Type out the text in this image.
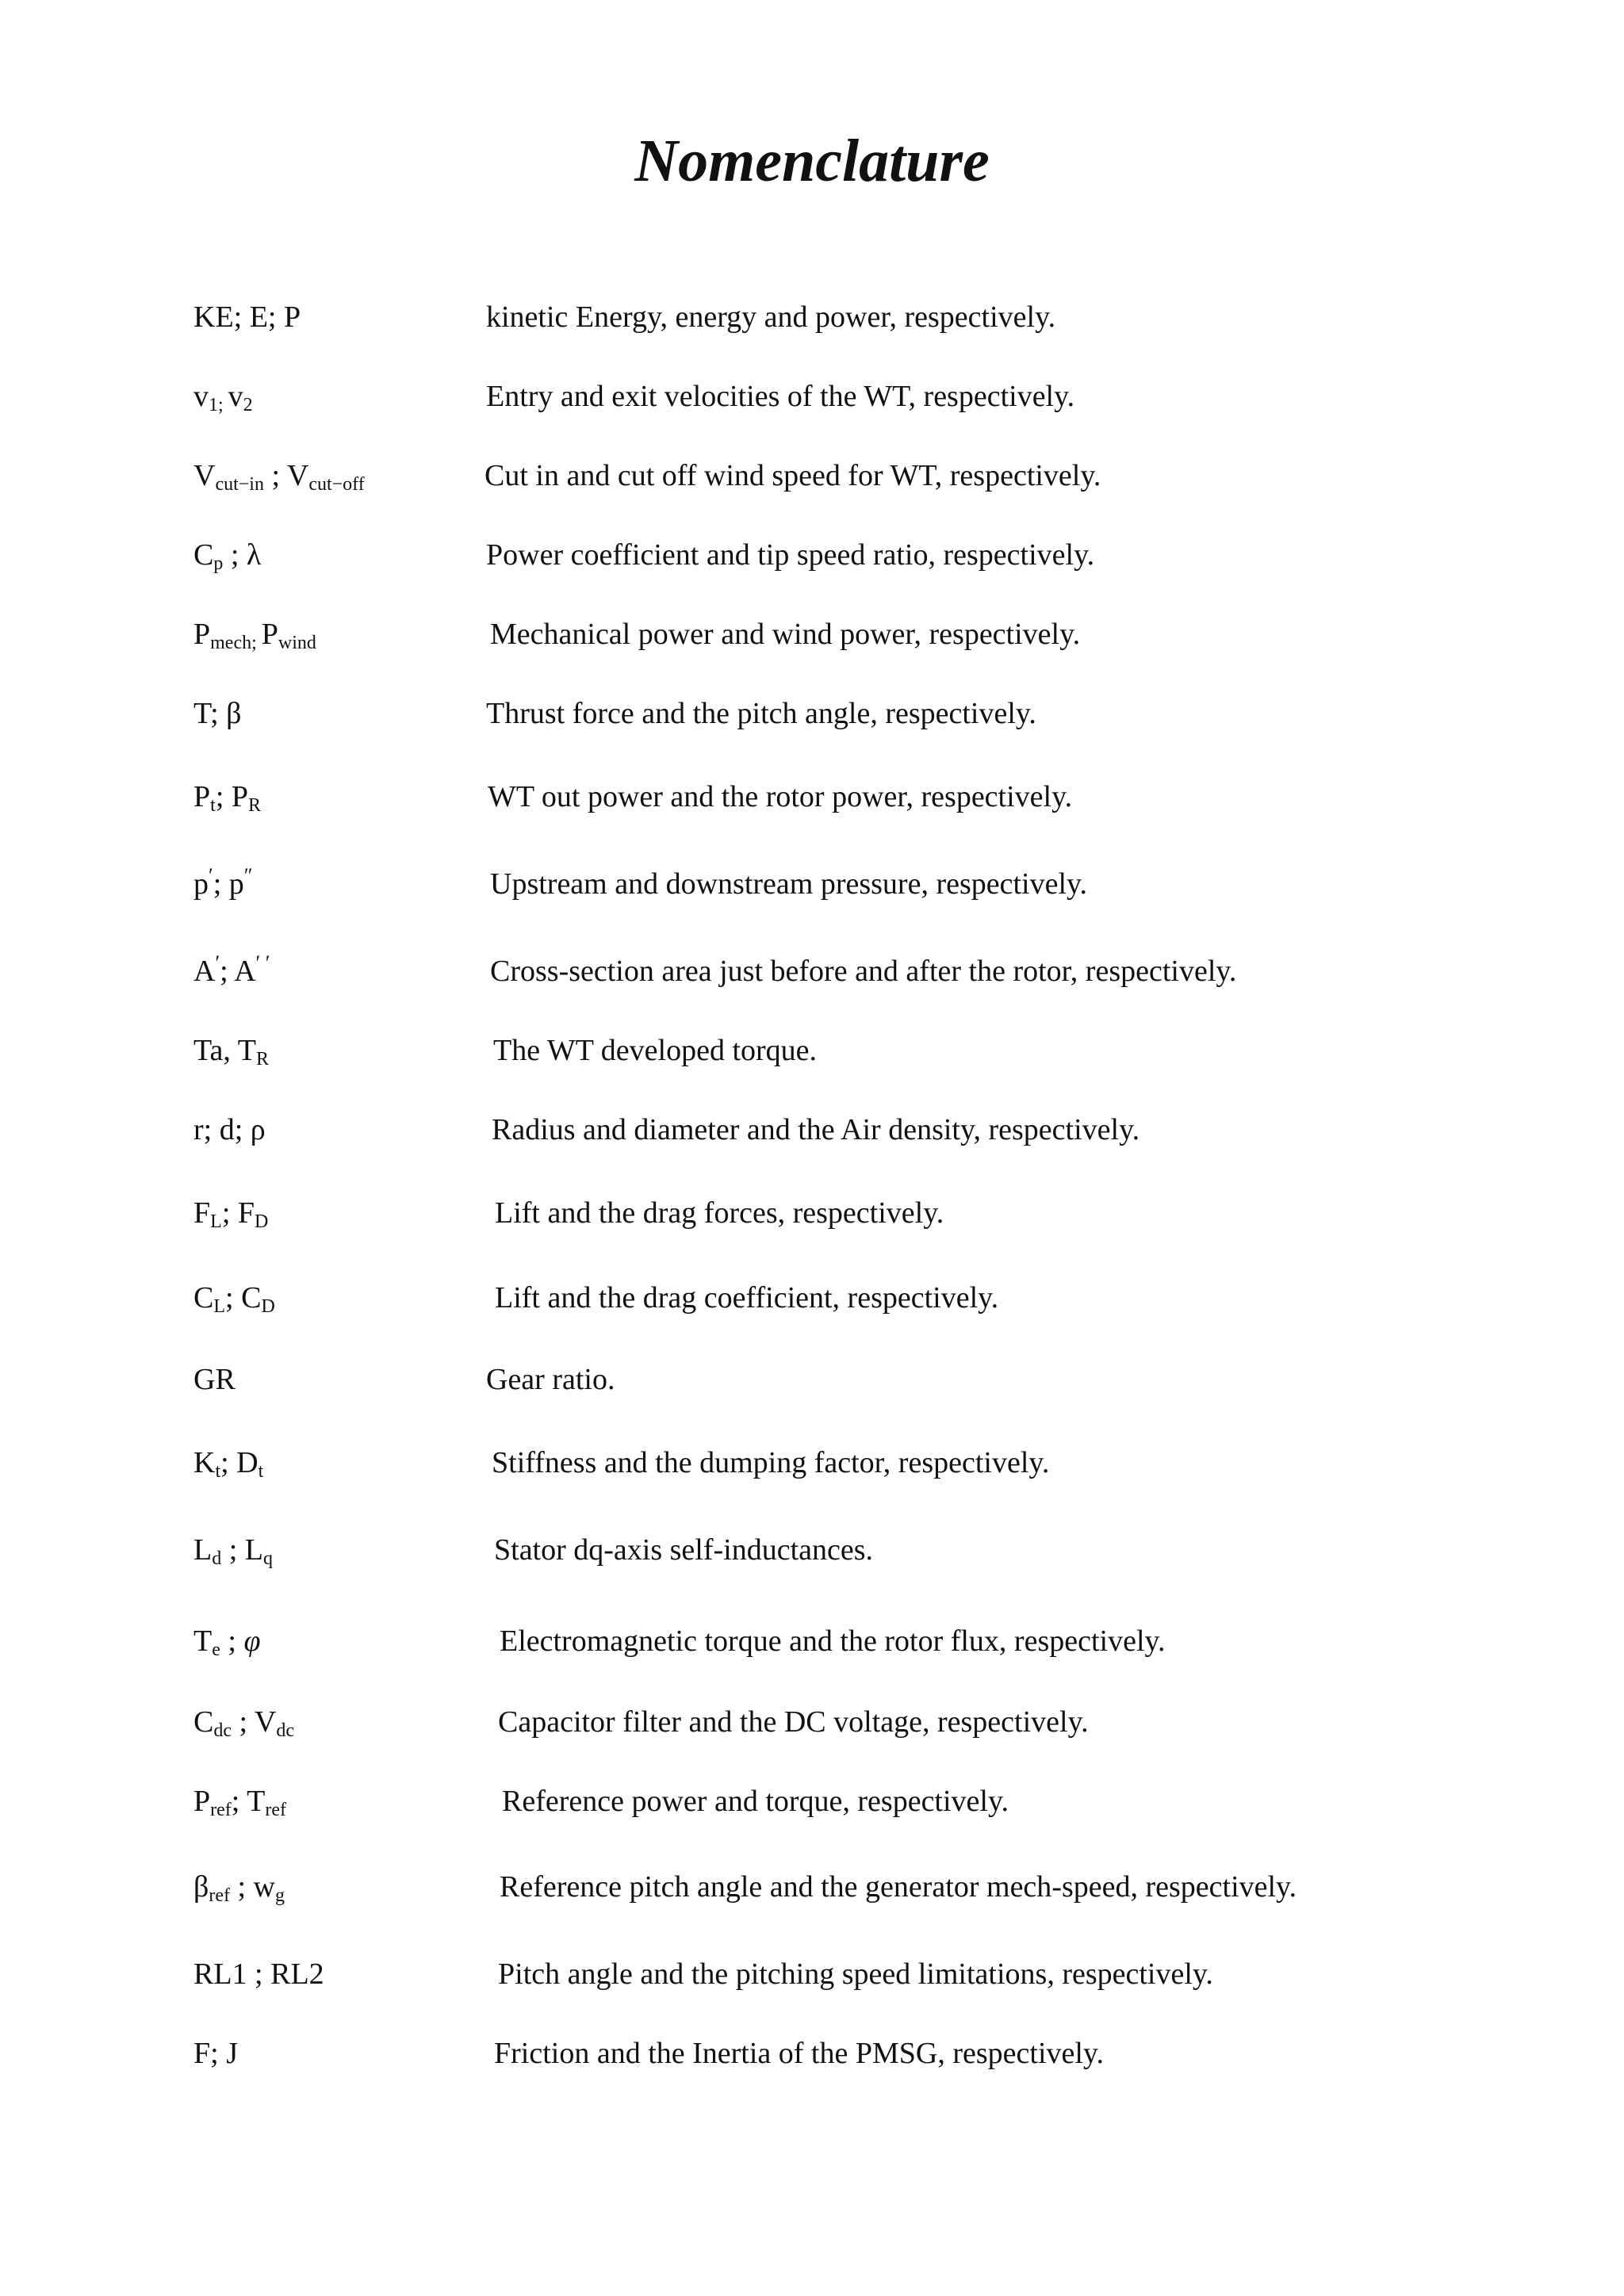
Nomenclature
KE; E; P	kinetic Energy, energy and power, respectively.
$v_{1;}$ $v_2$	Entry and exit velocities of the WT, respectively.
$V_{cut-in}$ ; $V_{cut-off}$	Cut in and cut off wind speed for WT, respectively.
$C_p$ ; λ	Power coefficient and tip speed ratio, respectively.
$P_{mech;}$ $P_{wind}$	Mechanical power and wind power, respectively.
T; β	Thrust force and the pitch angle, respectively.
$P_t$; $P_R$	WT out power and the rotor power, respectively.
p′; p″	Upstream and downstream pressure, respectively.
A′; A′ ′	Cross-section area just before and after the rotor, respectively.
Ta, $T_R$	The WT developed torque.
r; d; ρ	Radius and diameter and the Air density, respectively.
$F_L$; $F_D$	Lift and the drag forces, respectively.
$C_L$; $C_D$	Lift and the drag coefficient, respectively.
GR	Gear ratio.
$K_t$; $D_t$	Stiffness and the dumping factor, respectively.
$L_d$ ; $L_q$	Stator dq-axis self-inductances.
$T_e$ ; φ	Electromagnetic torque and the rotor flux, respectively.
$C_{dc}$ ; $V_{dc}$	Capacitor filter and the DC voltage, respectively.
$P_{ref}$; $T_{ref}$	Reference power and torque, respectively.
$\beta_{ref}$ ; $w_g$	Reference pitch angle and the generator mech-speed, respectively.
RL1 ; RL2	Pitch angle and the pitching speed limitations, respectively.
F; J	Friction and the Inertia of the PMSG, respectively.
